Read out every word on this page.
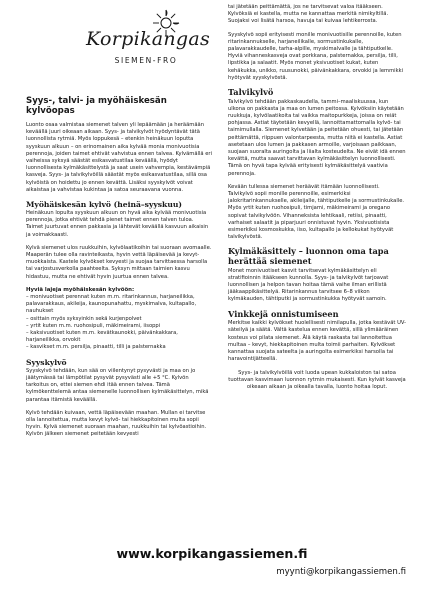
Korpikangas
SIEMEN-FRO
Syys-, talvi- ja myöhäiskesän kylvöopas

Luonto osaa valmistaa siemenet talven yli lepäämään ja heräämään keväällä juuri oikeaan aikaan. Syys- ja talvikylvöt hyödyntävät tätä luonnollista rytmiä. Myös loppukesä – etenkin heinäkuun loputta syyskuun alkuun – on erinomainen aika kylvää monia monivuotisia perennoja, joiden taimet ehtivät vahvistua ennen talvea. Kylvämällä eri vaiheissa syksyä säästät esikasvatustilaa keväällä, hyödyt luonnollisesta kylmäkäsittelystä ja saat usein vahvempia, kestävämpiä kasveja. Syys- ja talvikylvöillä säästät myös esikasvatustilaa, sillä osa kylvöistä on hoidettu jo ennen kevättä. Lisäksi syyskylvöt voivat aikaistaa ja vahvistaa kukintaa ja satoa seuraavana vuonna.

Myöhäiskesän kylvö (heinä–syyskuu)

Heinäkuun lopulta syyskuun alkuun on hyvä aika kylvää monivuotisia perennoja, jotka ehtivät tehdä pienet taimet ennen talven tuloa. Taimet juurtuvat ennen pakkasia ja lähtevät keväällä kasvuun aikaisin ja voimakkaasti.

Kylvä siemenet ulos ruukkuihin, kylvölaatikoihin tai suoraan avomaalle. Maaperän tulee olla ravinteikasta, hyvin vettä läpäisevää ja kevytmuokkaista. Kastele kylvökset kevyesti ja suojaa tarvittaessa harsolla tai varjostusverkolla paahteelta. Syksyn mittaan taimien kasvu hidastuu, mutta ne ehtivät hyvin juurtua ennen talvea.

Hyviä lajeja myöhäiskesän kylvöön:

– monivuotiset perennat kuten m.m. ritarinkannus, harjaneilikka, palavarakkaus, akileija, kaunopunahattu, myskimalva, kultapallo, nauhukset
– osittain myös syksyinkin sekä kurjenpolvet
– yrtit kuten m.m. ruohosipuli, mäkimeirami, iisoppi
– kaksivuotiset kuten m.m. kevätkaunokki, päivänkakkara, harjaneilikka, orvokit
– kasvikset m.m. persilja, pinaatti, tilli ja palsternakka

Syyskylvö

Syyskylvö tehdään, kun sää on viilentynyt pysyvästi ja maa on jo jäätymässä tai lämpötilat pysyvät pysyvästi alle +5 °C. Kylvön tarkoitus on, ettei siemen ehdi itää ennen talvea. Tämä kylmökenttelemä antaa siemenelle luonnollisen kylmäkäsittelyn, mikä parantaa itämistä keväällä.

Kylvö tehdään kuivaan, vettä läpäisevään maahan. Mullan ei tarvitse olla lannoitettua, mutta kevyt kylvö- tai hiekkapitoinen multa sopii hyvin. Kylvä siemenet suoraan maahan, ruukkuihin tai kylvöastioihin. Kylvön jälkeen siemenet peitetään kevyesti

tai jätetään peittämättä, jos ne tarvitsevat valoa itääkseen. Kylvöksiä ei kastella, mutta ne kannattaa merkitä nimikyltillä. Suojaksi voi lisätä harsoa, havuja tai kuivaa lehtikerrosta.

Syyskylvö sopii erityisesti monille monivuotisille perennoille, kuten ritarinkannukselle, harjaneilikalle, sormustinkukalle, palavarakkaudelle, tarha-alpille, myskimalvalle ja tähtiputkelle. Hyviä vihanneskasveja ovat porkkana, palsternakka, persilja, tilli, lipstikka ja salaatit. Myös monet yksivuotiset kukat, kuten kehäkukka, unikko, ruusunokki, päivänkakkara, orvokki ja lemmikki hyötyvät syyskylvöstä.

Talvikylvö

Talvikylvö tehdään pakkaskaudella, tammi–maaliskuussa, kun ulkona on pakkasta ja maa on lumen peitossa. Kylvöksiin käytetään ruukkuja, kylvölaatikoita tai vaikka maitopurkkeja, joissa on reiät pohjassa. Astiat täytetään kevyellä, lannoittamattomalla kylvö- tai taimimullalla. Siemenet kylvetään ja peitetään ohuesti, tai jätetään peittämättä, riippuen valontarpeesta, mutta niitä ei kastella. Astiat asetetaan ulos lumen ja pakkasen armoille, varjoisaan paikkaan, suojaan suoralta auringolta ja liialta kosteudelta. Ne eivät idä ennen kevättä, mutta saavat tarvittavan kylmäkäsittelyn luonnollisesti. Tämä on hyvä tapa kylvää erityisesti kylmäkäsittelyä vaativia perennoja.

Kevään tullessa siemenet heräävät itämään luonnollisesti. Talvikylvö sopii monille perennoille, esimerkiksi jalokritarinkannukselle, akileijalle, tähtiputkelle ja sormustinkukalle. Myös yrtit kuten ruohosipuli, timjami, mäkimeirami ja oregano sopivat talvikylvöön. Vihanneksista lehtikaali, retiisi, pinaatti, varhaiset salaatit ja piparjuuri onnistuvat hyvin. Yksivuotisista esimerkiksi kosmoskukka, iiso, kultapallo ja kellokukat hyötyvät talvikylvöstä.

Kylmäkäsittely – luonnon oma tapa herättää siemenet

Monet monivuotiset kasvit tarvitsevat kylmäkäsittelyn eli stratifioinnin itääkseen kunnolla. Syys- ja talvikylvöt tarjoavat luonnollisen ja helpon tavan hoitaa tämä vaihe ilman erillistä jääkaappikäsittelyä. Ritarinkannus tarvitsee 6–8 viikon kylmäkauden, tähtiputki ja sormustinkukka hyötyvät samoin.

Vinkkejä onnistumiseen

Merkitse kaikki kylvökset huolellisesti nimilapulla, jotka kestävät UV-säteilyä ja säätä. Vältä kastelua ennen kevättä, sillä ylimääräinen kosteus voi pilata siemenet. Älä käytä raskasta tai lannoitettua multaa – kevyt, hiekkapitoinen multa toimii parhaiten. Kylvökset kannattaa suojata sateelta ja auringolta esimerkiksi harsolla tai haravointijätteellä.

Syys- ja talvikylvöillä voit luoda upean kukkaloiston tai satoa tuottavan kasvimaan luonnon rytmin mukaisesti. Kun kylvät kasveja oikeaan aikaan ja oikealla tavalla, luonto hoitaa loput.

www.korpikangassiemen.fi
myynti@korpikangassiemen.fi
